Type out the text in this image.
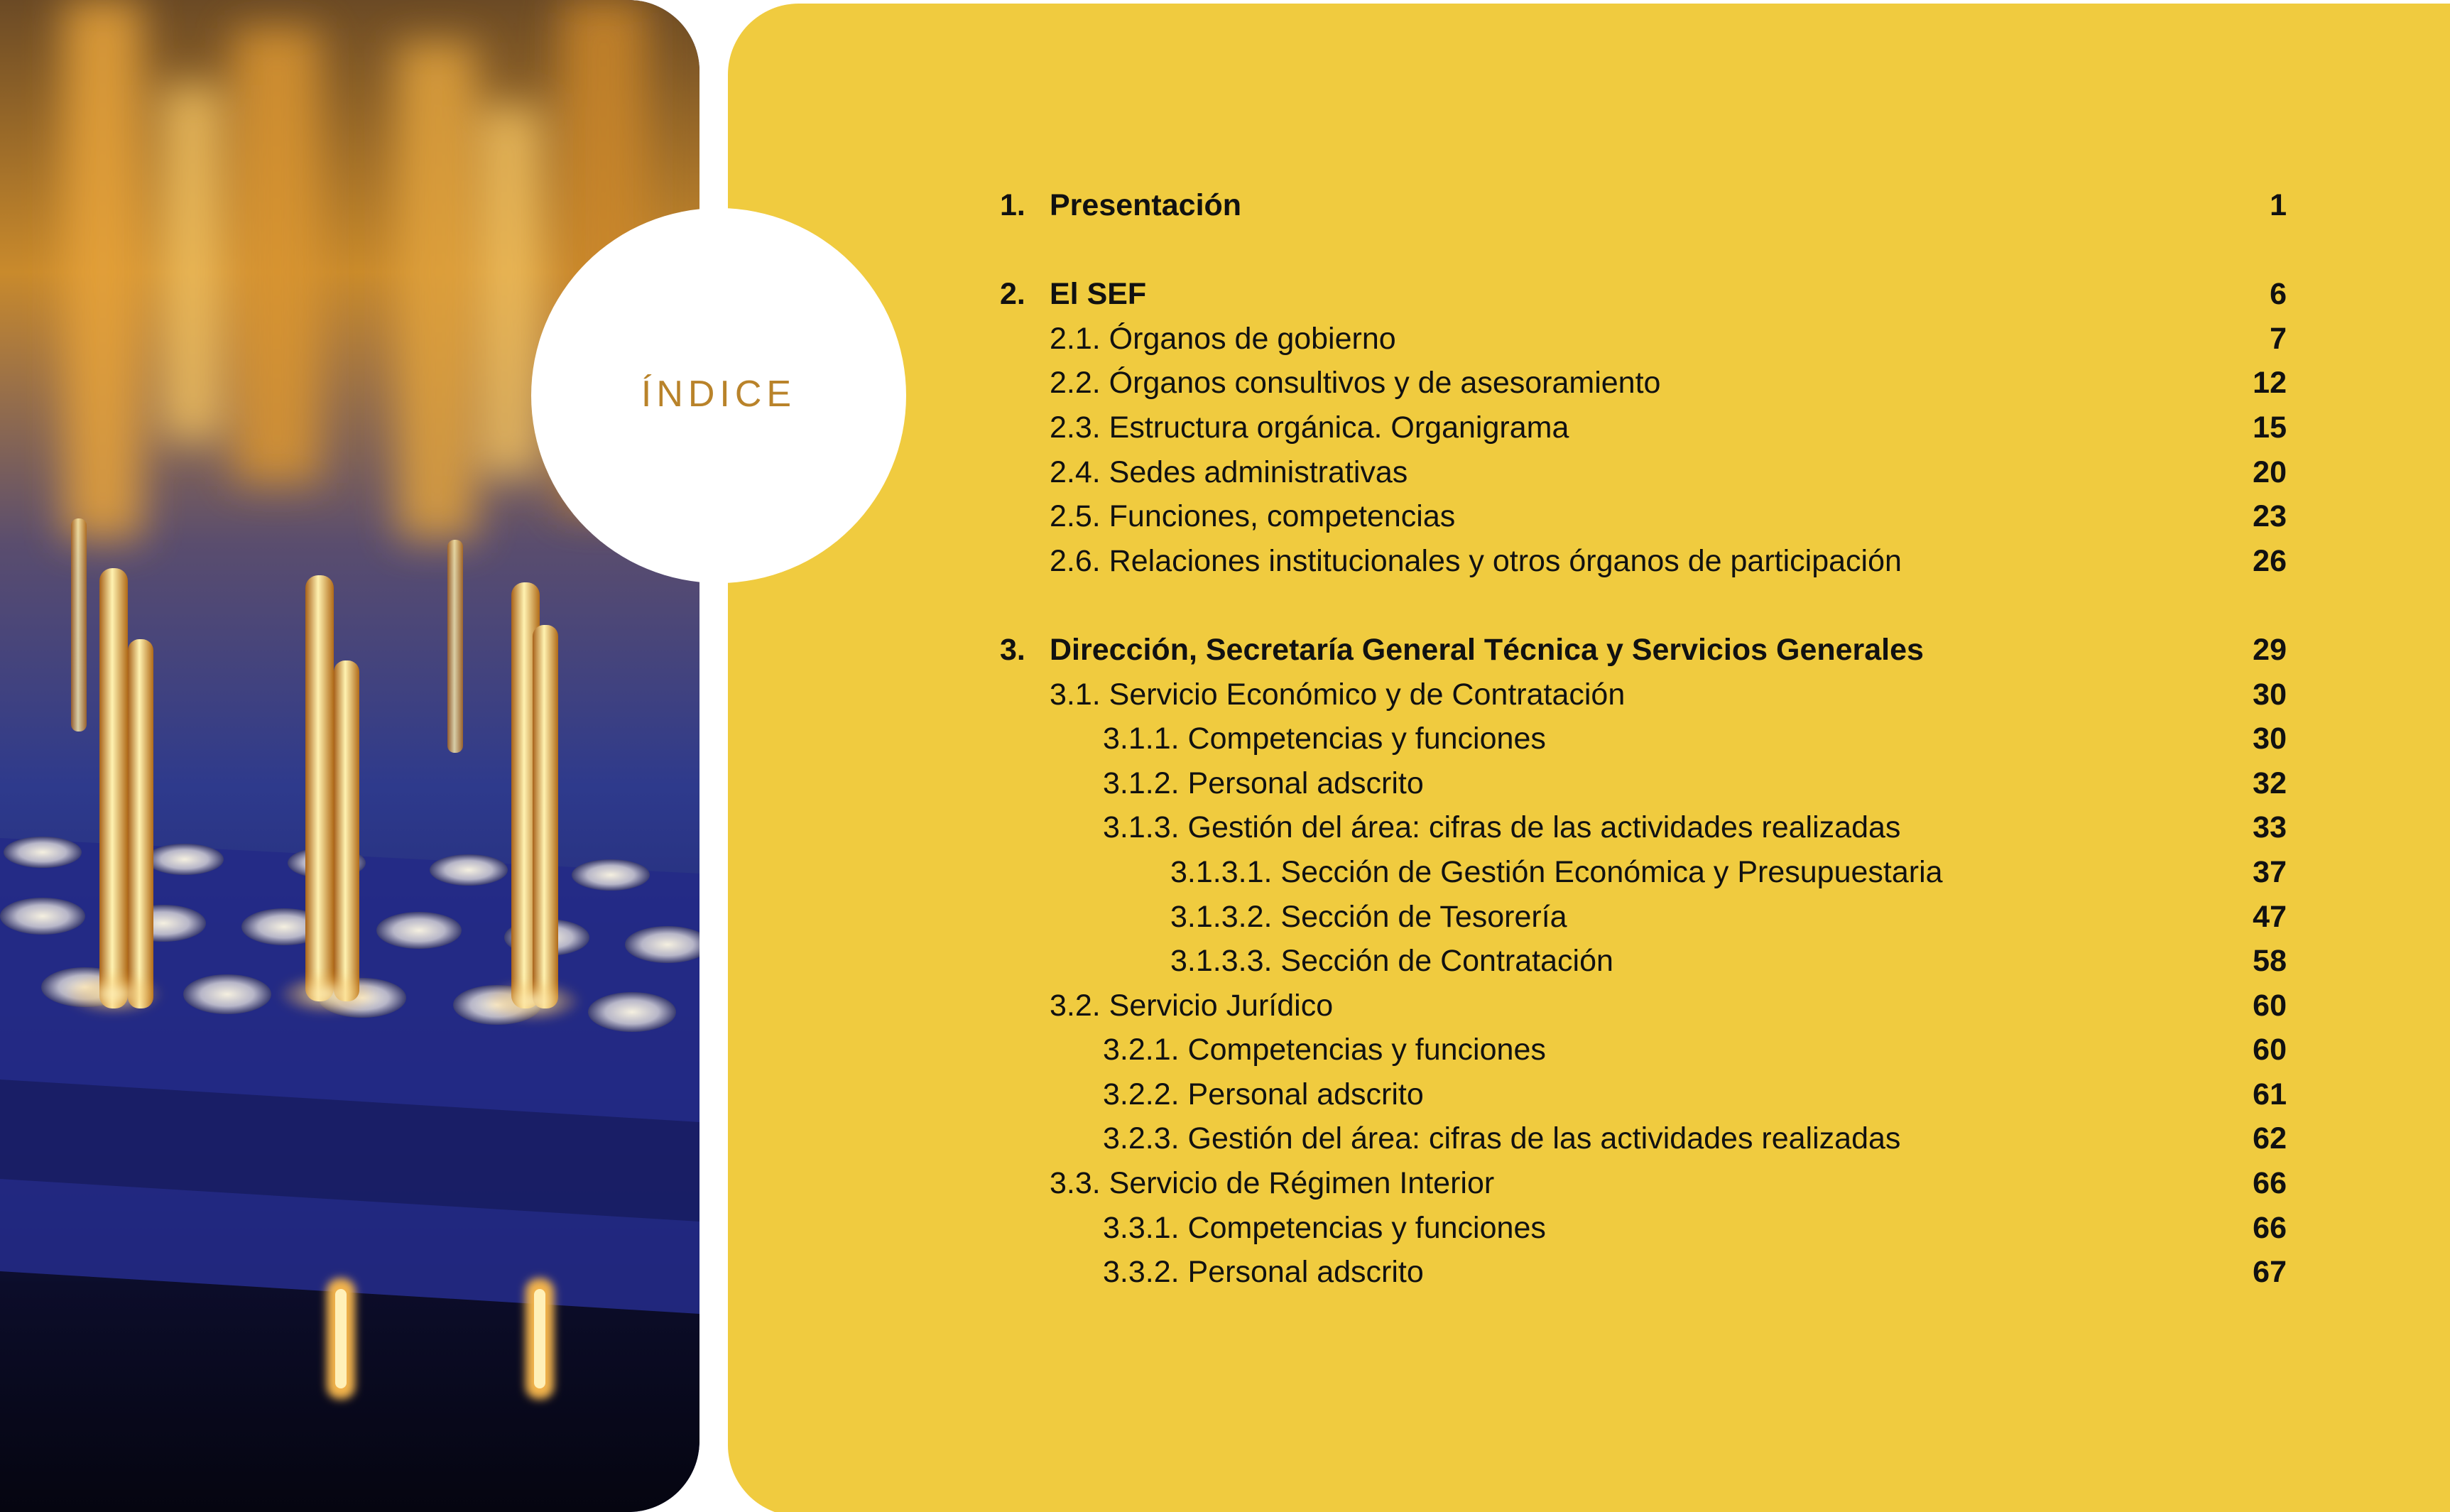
ÍNDICE
1. Presentación	1
2. El SEF	6
2.1. Órganos de gobierno	7
2.2. Órganos consultivos y de asesoramiento	12
2.3. Estructura orgánica. Organigrama	15
2.4. Sedes administrativas	20
2.5. Funciones, competencias	23
2.6. Relaciones institucionales y otros órganos de participación	26
3. Dirección, Secretaría General Técnica y Servicios Generales	29
3.1. Servicio Económico y de Contratación	30
3.1.1. Competencias y funciones	30
3.1.2. Personal adscrito	32
3.1.3. Gestión del área: cifras de las actividades realizadas	33
3.1.3.1. Sección de Gestión Económica y Presupuestaria	37
3.1.3.2. Sección de Tesorería	47
3.1.3.3. Sección de Contratación	58
3.2. Servicio Jurídico	60
3.2.1. Competencias y funciones	60
3.2.2. Personal adscrito	61
3.2.3. Gestión del área: cifras de las actividades realizadas	62
3.3. Servicio de Régimen Interior	66
3.3.1. Competencias y funciones	66
3.3.2. Personal adscrito	67
